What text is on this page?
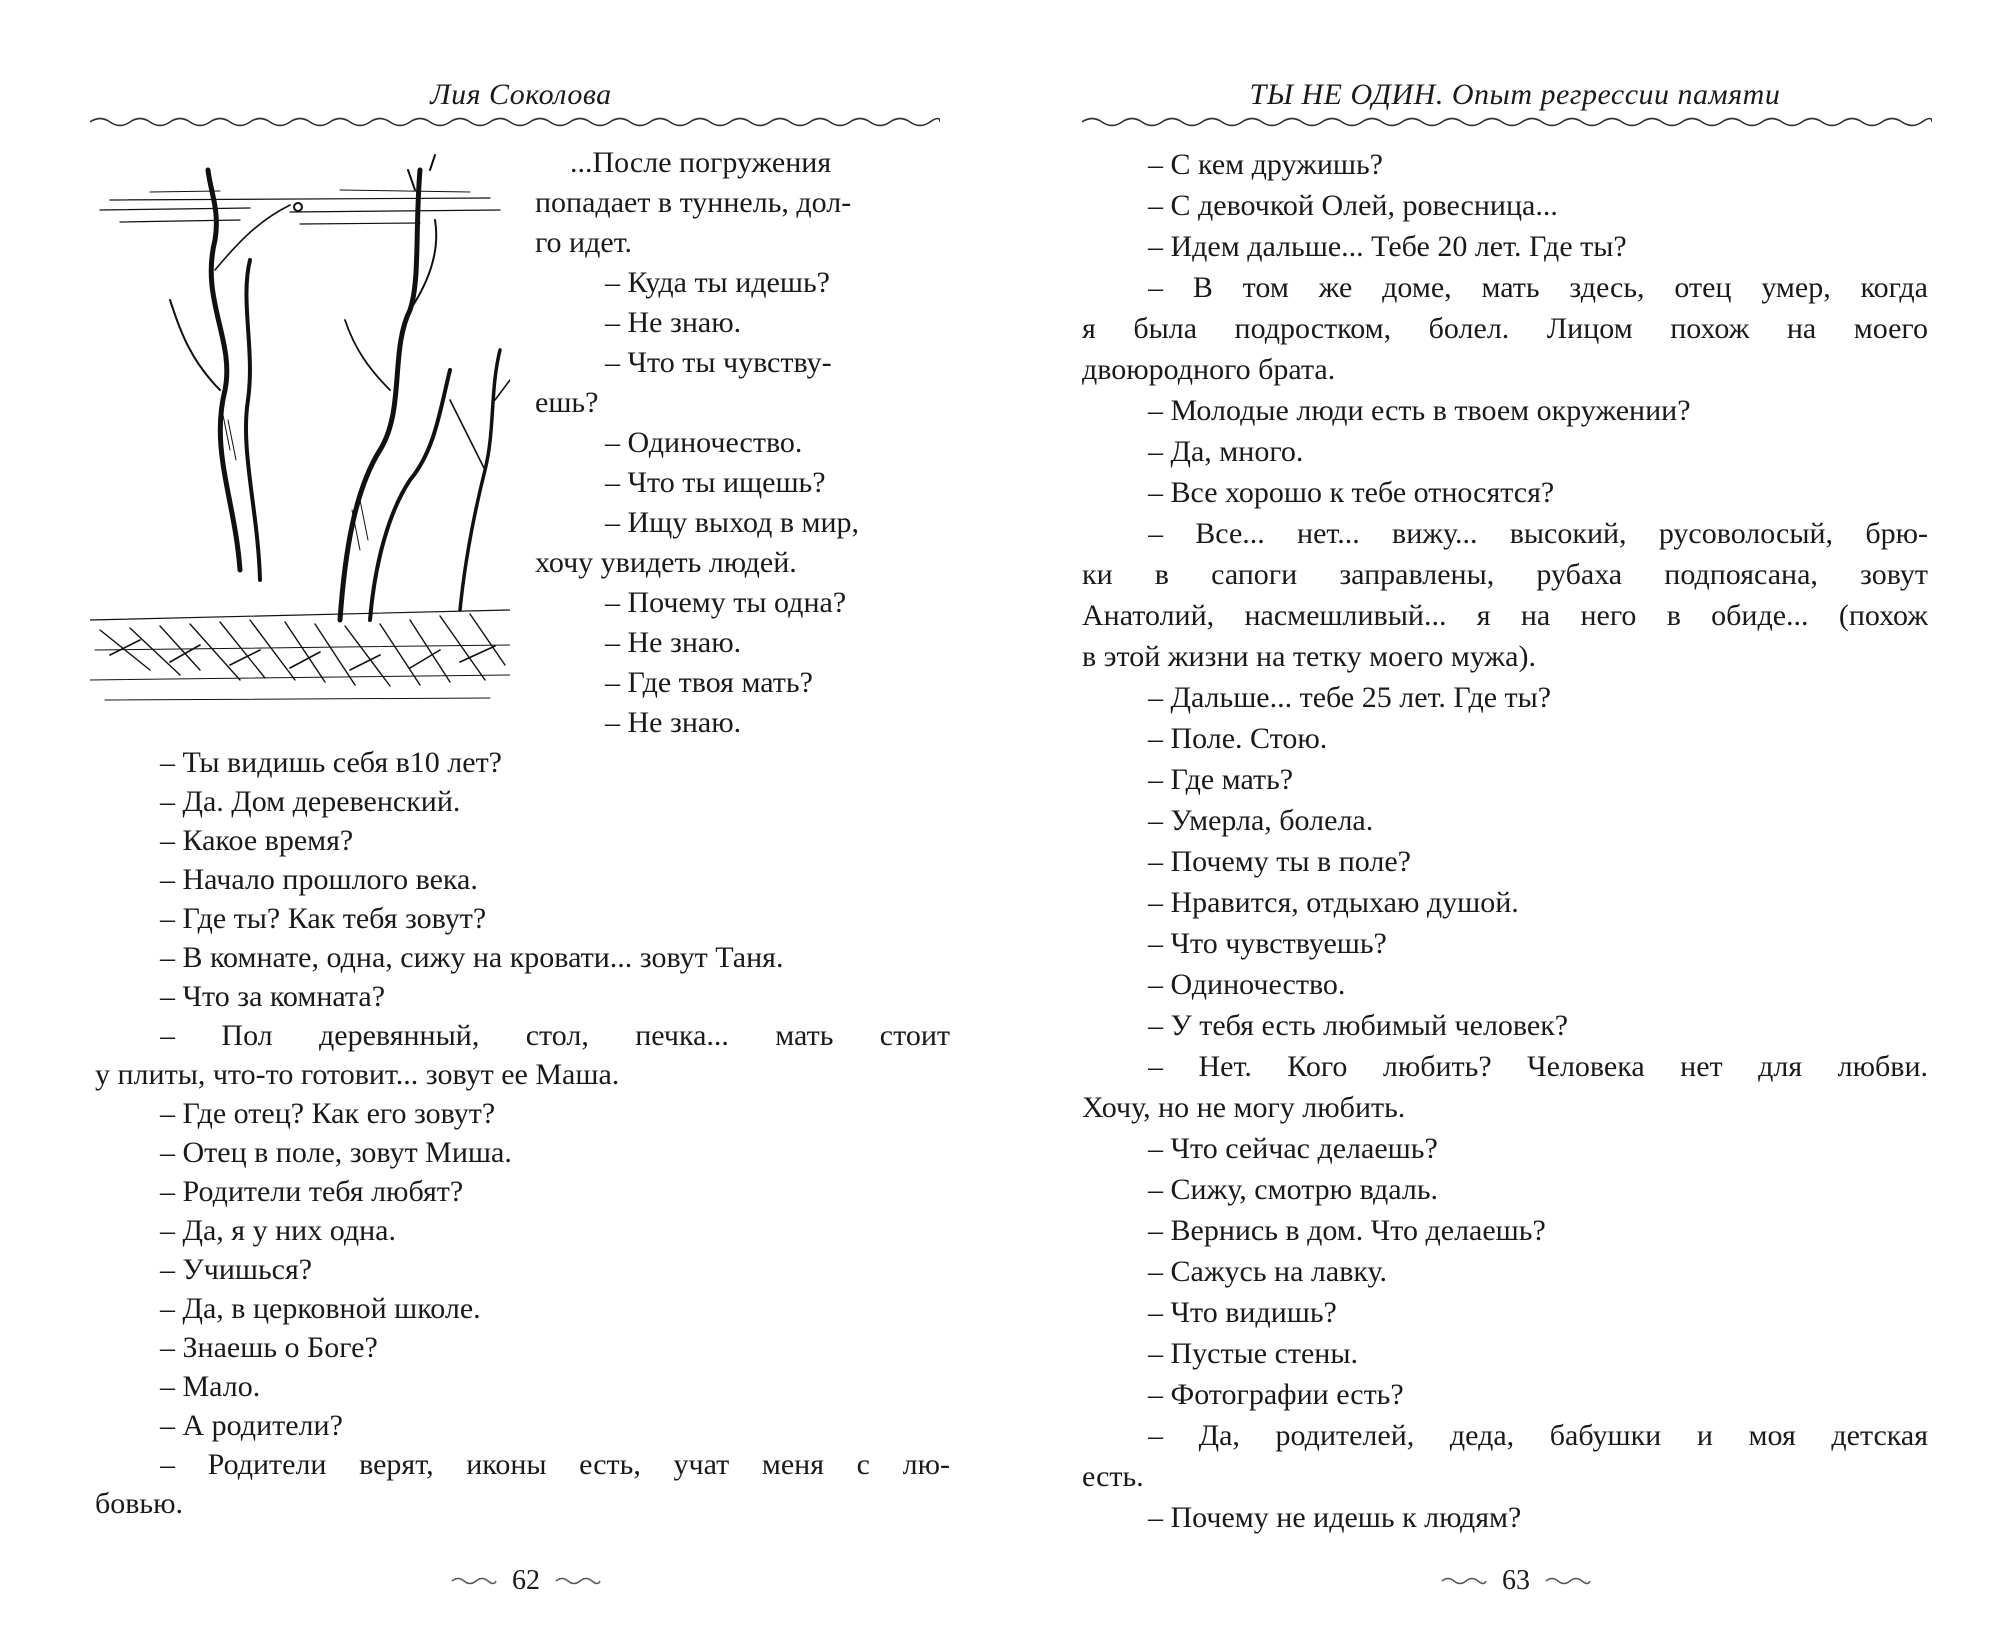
Лия Соколова

...После погружения

попадает в туннель, дол-

го идет.

– Куда ты идешь?

– Не знаю.

– Что ты чувству-

ешь?

– Одиночество.

– Что ты ищешь?

– Ищу выход в мир,

хочу увидеть людей.

– Почему ты одна?

– Не знаю.

– Где твоя мать?

– Не знаю.

– Ты видишь себя в10 лет?

– Да. Дом деревенский.

– Какое время?

– Начало прошлого века.

– Где ты? Как тебя зовут?

– В комнате, одна, сижу на кровати... зовут Таня.

– Что за комната?

– Пол деревянный, стол, печка... мать стоит

у плиты, что-то готовит... зовут ее Маша.

– Где отец? Как его зовут?

– Отец в поле, зовут Миша.

– Родители тебя любят?

– Да, я у них одна.

– Учишься?

– Да, в церковной школе.

– Знаешь о Боге?

– Мало.

– А родители?

– Родители верят, иконы есть, учат меня с лю-

бовью.

62
ТЫ НЕ ОДИН. Опыт регрессии памяти

– С кем дружишь?

– С девочкой Олей, ровесница...

– Идем дальше... Тебе 20 лет. Где ты?

– В том же доме, мать здесь, отец умер, когда

я была подростком, болел. Лицом похож на моего

двоюродного брата.

– Молодые люди есть в твоем окружении?

– Да, много.

– Все хорошо к тебе относятся?

– Все... нет... вижу... высокий, русоволосый, брю-

ки в сапоги заправлены, рубаха подпоясана, зовут

Анатолий, насмешливый... я на него в обиде... (похож

в этой жизни на тетку моего мужа).

– Дальше... тебе 25 лет. Где ты?

– Поле. Стою.

– Где мать?

– Умерла, болела.

– Почему ты в поле?

– Нравится, отдыхаю душой.

– Что чувствуешь?

– Одиночество.

– У тебя есть любимый человек?

– Нет. Кого любить? Человека нет для любви.

Хочу, но не могу любить.

– Что сейчас делаешь?

– Сижу, смотрю вдаль.

– Вернись в дом. Что делаешь?

– Сажусь на лавку.

– Что видишь?

– Пустые стены.

– Фотографии есть?

– Да, родителей, деда, бабушки и моя детская

есть.

– Почему не идешь к людям?

63
